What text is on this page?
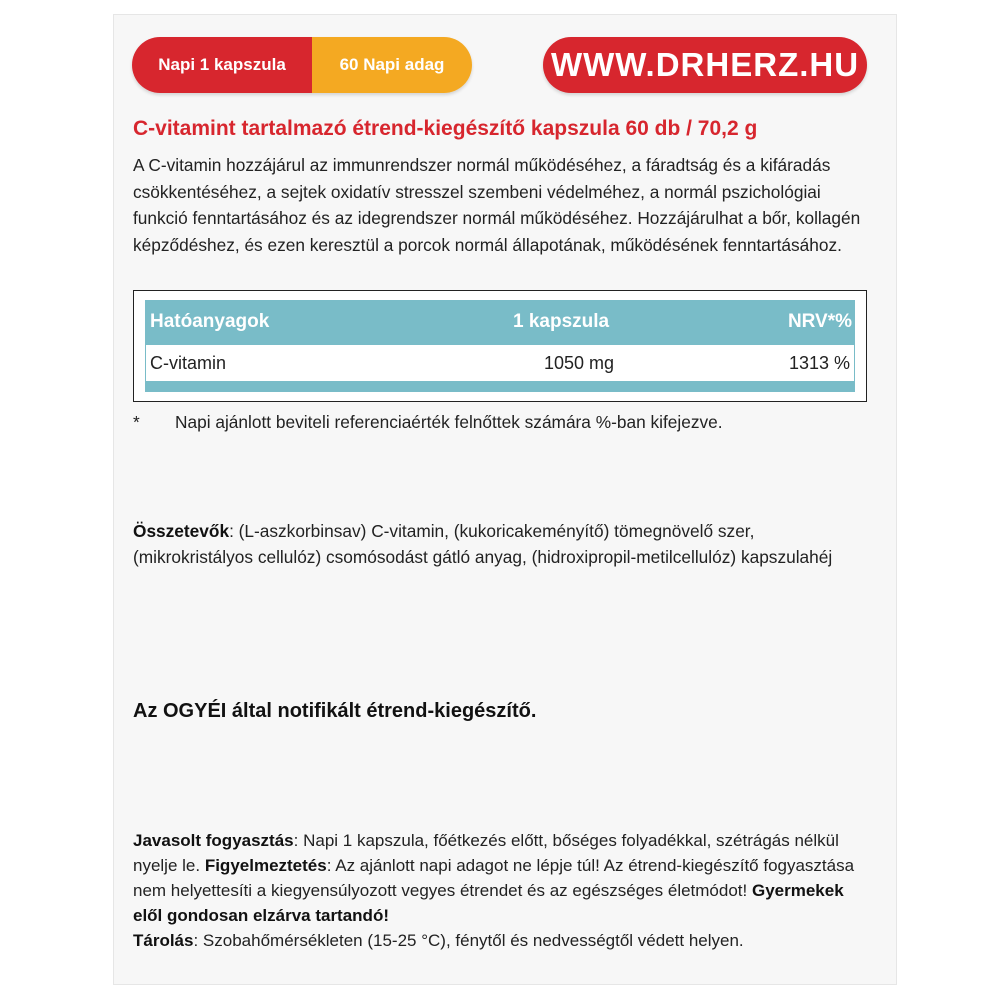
Napi 1 kapszula	60 Napi adag	WWW.DRHERZ.HU
C-vitamint tartalmazó étrend-kiegészítő kapszula 60 db / 70,2 g
A C-vitamin hozzájárul az immunrendszer normál működéséhez, a fáradtság és a kifáradás csökkentéséhez, a sejtek oxidatív stresszel szembeni védelméhez, a normál pszichológiai funkció fenntartásához és az idegrendszer normál működéséhez. Hozzájárulhat a bőr, kollagén képződéshez, és ezen keresztül a porcok normál állapotának, működésének fenntartásához.
Hatóanyagok	1 kapszula	NRV*%
C-vitamin	1050 mg	1313 %
* Napi ajánlott beviteli referenciaérték felnőttek számára %-ban kifejezve.
Összetevők: (L-aszkorbinsav) C-vitamin, (kukoricakeményítő) tömegnövelő szer, (mikrokristályos cellulóz) csomósodást gátló anyag, (hidroxipropil-metilcellulóz) kapszulahéj
Az OGYÉI által notifikált étrend-kiegészítő.
Javasolt fogyasztás: Napi 1 kapszula, főétkezés előtt, bőséges folyadékkal, szétrágás nélkül nyelje le. Figyelmeztetés: Az ajánlott napi adagot ne lépje túl! Az étrend-kiegészítő fogyasztása nem helyettesíti a kiegyensúlyozott vegyes étrendet és az egészséges életmódot! Gyermekek elől gondosan elzárva tartandó!
Tárolás: Szobahőmérsékleten (15-25 °C), fénytől és nedvességtől védett helyen.
